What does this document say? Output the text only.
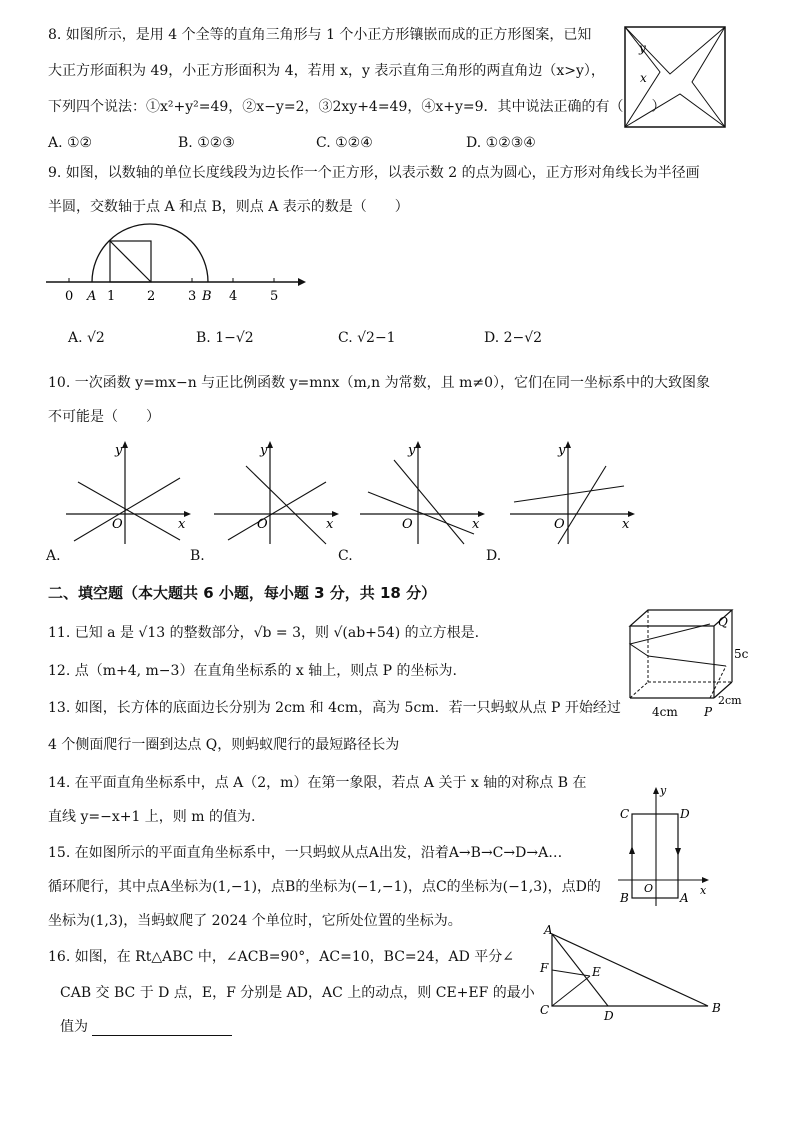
8. 如图所示，是用 4 个全等的直角三角形与 1 个小正方形镶嵌而成的正方形图案，已知
大正方形面积为 49，小正方形面积为 4，若用 x，y 表示直角三角形的两直角边（x>y），
下列四个说法：①x²+y²=49，②x−y=2，③2xy+4=49，④x+y=9．其中说法正确的有（　　）
A. ①②	B. ①②③	C. ①②④	D. ①②③④
y
x
9. 如图，以数轴的单位长度线段为边长作一个正方形，以表示数 2 的点为圆心，正方形对角线长为半径画
半圆，交数轴于点 A 和点 B，则点 A 表示的数是（　　）
0 A 1 2	3 B 4	5
A. √2	B. 1−√2	C. √2−1	D. 2−√2
10. 一次函数 y=mx−n 与正比例函数 y=mnx（m,n 为常数，且 m≠0），它们在同一坐标系中的大致图象
不可能是（　　）
y
x
O
y
x
O
y
x
O
y
x
O
A.	B.	C.	D.
二、填空题（本大题共 6 小题，每小题 3 分，共 18 分）
11. 已知 a 是 √13 的整数部分，√b = 3，则 √(ab+54) 的立方根是.
12. 点（m+4, m−3）在直角坐标系的 x 轴上，则点 P 的坐标为.
13. 如图，长方体的底面边长分别为 2cm 和 4cm，高为 5cm．若一只蚂蚁从点 P 开始经过
4 个侧面爬行一圈到达点 Q，则蚂蚁爬行的最短路径长为
Q
P
5c
4cm
2cm
14. 在平面直角坐标系中，点 A（2，m）在第一象限，若点 A 关于 x 轴的对称点 B 在
直线 y=−x+1 上，则 m 的值为.
15. 在如图所示的平面直角坐标系中，一只蚂蚁从点A出发，沿着A→B→C→D→A…
循环爬行，其中点A坐标为(1,−1)，点B的坐标为(−1,−1)，点C的坐标为(−1,3)，点D的
坐标为(1,3)，当蚂蚁爬了 2024 个单位时，它所处位置的坐标为。
y
x
C	D
B	A
O
16. 如图，在 Rt△ABC 中，∠ACB=90°，AC=10，BC=24，AD 平分∠
CAB 交 BC 于 D 点，E，F 分别是 AD，AC 上的动点，则 CE+EF 的最小
值为
A
B
C	D
E
F
